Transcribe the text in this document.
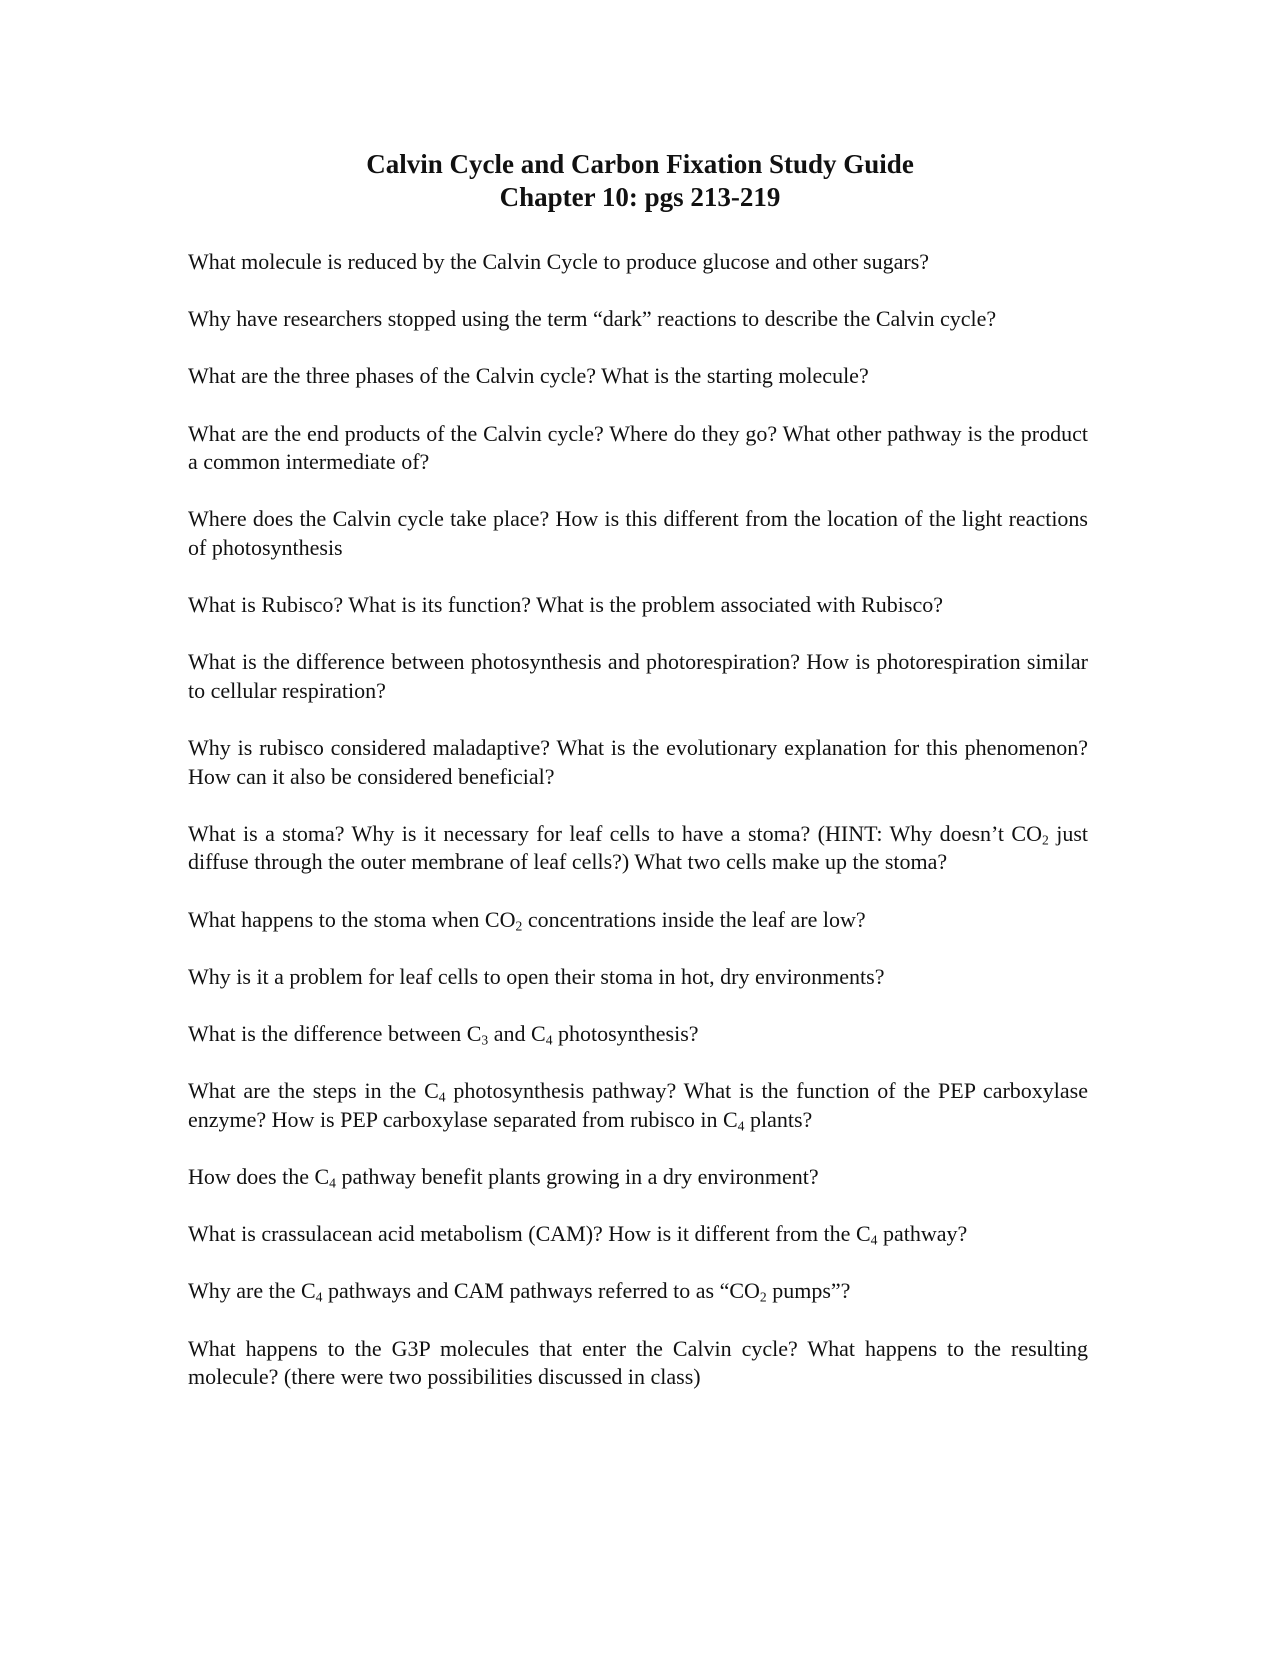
Calvin Cycle and Carbon Fixation Study Guide
Chapter 10: pgs 213-219

What molecule is reduced by the Calvin Cycle to produce glucose and other sugars?

Why have researchers stopped using the term “dark” reactions to describe the Calvin cycle?

What are the three phases of the Calvin cycle? What is the starting molecule?

What are the end products of the Calvin cycle? Where do they go? What other pathway is the product a common intermediate of?

Where does the Calvin cycle take place? How is this different from the location of the light reactions of photosynthesis

What is Rubisco? What is its function? What is the problem associated with Rubisco?

What is the difference between photosynthesis and photorespiration? How is photorespiration similar to cellular respiration?

Why is rubisco considered maladaptive? What is the evolutionary explanation for this phenomenon? How can it also be considered beneficial?

What is a stoma? Why is it necessary for leaf cells to have a stoma? (HINT: Why doesn’t $CO_2$ just diffuse through the outer membrane of leaf cells?) What two cells make up the stoma?

What happens to the stoma when $CO_2$ concentrations inside the leaf are low?

Why is it a problem for leaf cells to open their stoma in hot, dry environments?

What is the difference between $C_3$ and $C_4$ photosynthesis?

What are the steps in the $C_4$ photosynthesis pathway? What is the function of the PEP carboxylase enzyme? How is PEP carboxylase separated from rubisco in $C_4$ plants?

How does the $C_4$ pathway benefit plants growing in a dry environment?

What is crassulacean acid metabolism (CAM)? How is it different from the $C_4$ pathway?

Why are the $C_4$ pathways and CAM pathways referred to as “$CO_2$ pumps”?

What happens to the G3P molecules that enter the Calvin cycle? What happens to the resulting molecule? (there were two possibilities discussed in class)
